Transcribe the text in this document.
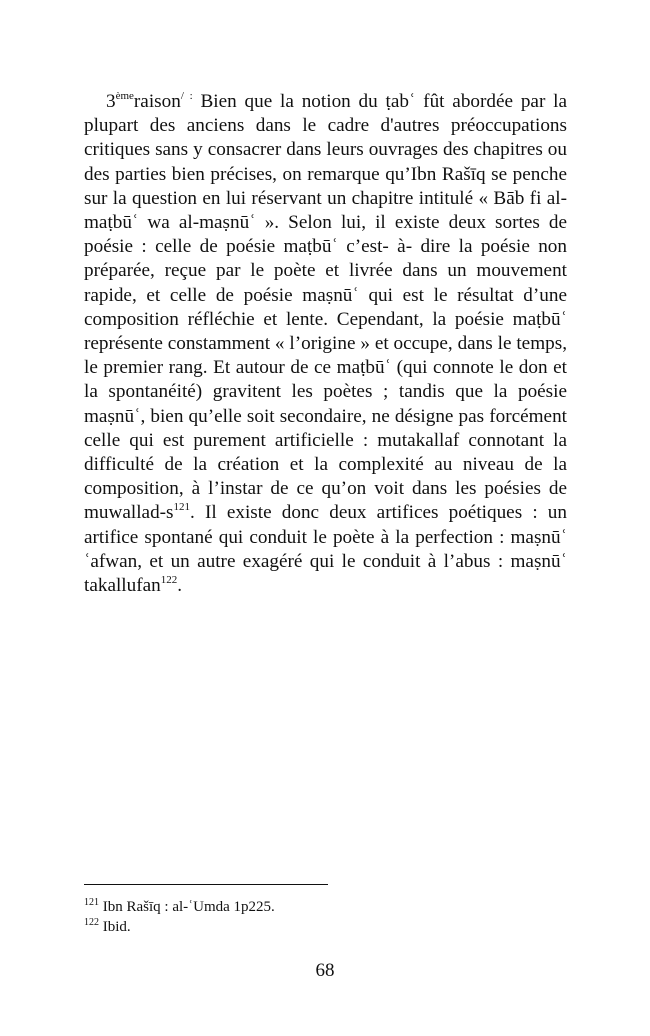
3èmeraison/ : Bien que la notion du ṭabʿ fût abordée par la plupart des anciens dans le cadre d'autres préoccupations critiques sans y consacrer dans leurs ouvrages des chapitres ou des parties bien précises, on remarque qu’Ibn Rašīq se penche sur la question en lui réservant un chapitre intitulé « Bāb fi al-maṭbūʿ wa al-maṣnūʿ ». Selon lui, il existe deux sortes de poésie : celle de poésie maṭbūʿ c’est- à- dire la poésie non préparée, reçue par le poète et livrée dans un mouvement rapide, et celle de poésie maṣnūʿ qui est le résultat d’une composition réfléchie et lente. Cependant, la poésie maṭbūʿ représente constamment « l’origine » et occupe, dans le temps, le premier rang. Et autour de ce maṭbūʿ (qui connote le don et la spontanéité) gravitent les poètes ; tandis que la poésie maṣnūʿ, bien qu’elle soit secondaire, ne désigne pas forcément celle qui est purement artificielle : mutakallaf connotant la difficulté de la création et la complexité au niveau de la composition, à l’instar de ce qu’on voit dans les poésies de muwallad-$s^{121}$. Il existe donc deux artifices poétiques : un artifice spontané qui conduit le poète à la perfection : maṣnūʿ ʿafwan, et un autre exagéré qui le conduit à l’abus : maṣnūʿ takallufan$^{122}$.

$^{121}$ Ibn Rašīq : al-ʿUmda 1p225.

$^{122}$ Ibid.

68
